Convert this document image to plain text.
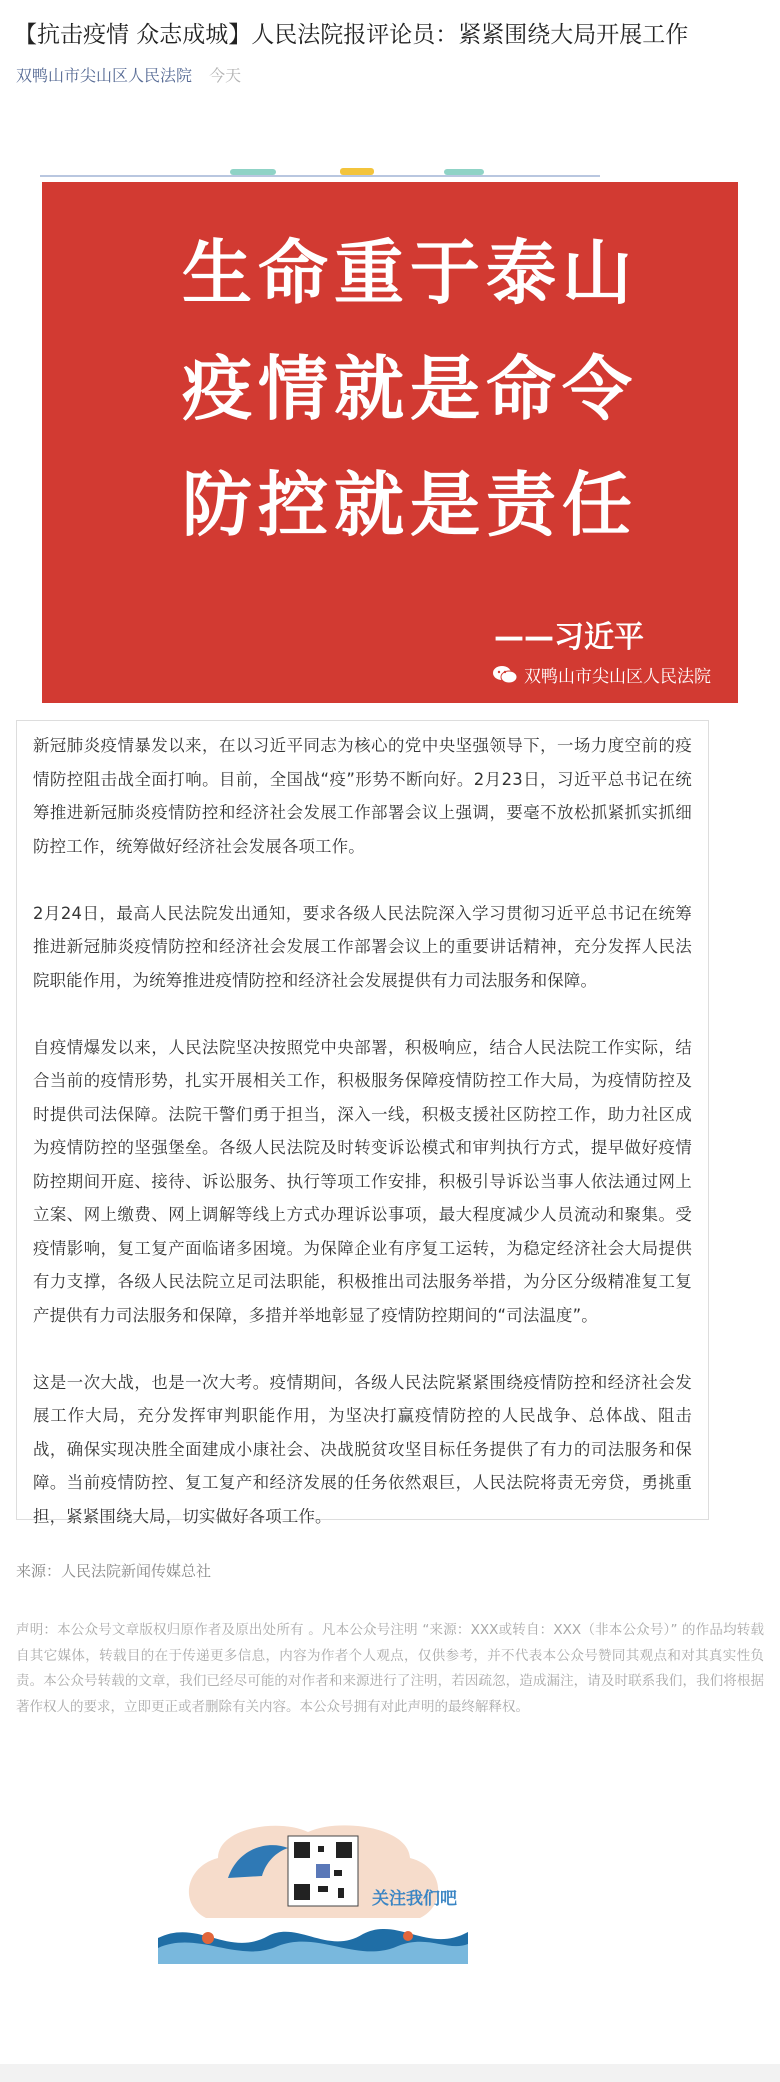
【抗击疫情 众志成城】人民法院报评论员：紧紧围绕大局开展工作
双鸭山市尖山区人民法院 今天
生命重于泰山
疫情就是命令
防控就是责任
——习近平
双鸭山市尖山区人民法院

新冠肺炎疫情暴发以来，在以习近平同志为核心的党中央坚强领导下，一场力度空前的疫情防控阻击战全面打响。目前，全国战“疫”形势不断向好。2月23日，习近平总书记在统筹推进新冠肺炎疫情防控和经济社会发展工作部署会议上强调，要毫不放松抓紧抓实抓细防控工作，统筹做好经济社会发展各项工作。

2月24日，最高人民法院发出通知，要求各级人民法院深入学习贯彻习近平总书记在统筹推进新冠肺炎疫情防控和经济社会发展工作部署会议上的重要讲话精神，充分发挥人民法院职能作用，为统筹推进疫情防控和经济社会发展提供有力司法服务和保障。

自疫情爆发以来，人民法院坚决按照党中央部署，积极响应，结合人民法院工作实际，结合当前的疫情形势，扎实开展相关工作，积极服务保障疫情防控工作大局，为疫情防控及时提供司法保障。法院干警们勇于担当，深入一线，积极支援社区防控工作，助力社区成为疫情防控的坚强堡垒。各级人民法院及时转变诉讼模式和审判执行方式，提早做好疫情防控期间开庭、接待、诉讼服务、执行等项工作安排，积极引导诉讼当事人依法通过网上立案、网上缴费、网上调解等线上方式办理诉讼事项，最大程度减少人员流动和聚集。受疫情影响，复工复产面临诸多困境。为保障企业有序复工运转，为稳定经济社会大局提供有力支撑，各级人民法院立足司法职能，积极推出司法服务举措，为分区分级精准复工复产提供有力司法服务和保障，多措并举地彰显了疫情防控期间的“司法温度”。

这是一次大战，也是一次大考。疫情期间，各级人民法院紧紧围绕疫情防控和经济社会发展工作大局，充分发挥审判职能作用，为坚决打赢疫情防控的人民战争、总体战、阻击战，确保实现决胜全面建成小康社会、决战脱贫攻坚目标任务提供了有力的司法服务和保障。当前疫情防控、复工复产和经济发展的任务依然艰巨，人民法院将责无旁贷，勇挑重担，紧紧围绕大局，切实做好各项工作。

来源：人民法院新闻传媒总社

声明：本公众号文章版权归原作者及原出处所有 。凡本公众号注明 “来源：XXX或转自：XXX（非本公众号）” 的作品均转载自其它媒体，转载目的在于传递更多信息，内容为作者个人观点，仅供参考，并不代表本公众号赞同其观点和对其真实性负责。本公众号转载的文章，我们已经尽可能的对作者和来源进行了注明，若因疏忽，造成漏注，请及时联系我们，我们将根据著作权人的要求，立即更正或者删除有关内容。本公众号拥有对此声明的最终解释权。

关注我们吧
